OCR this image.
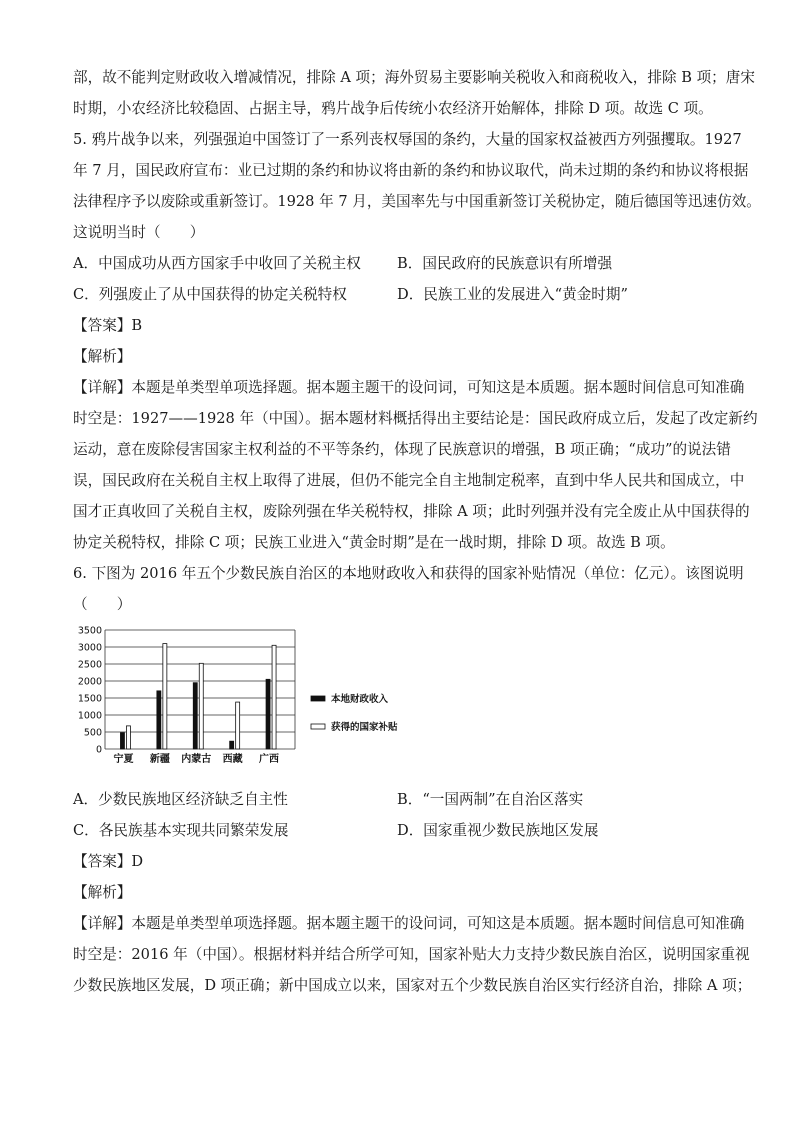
部，故不能判定财政收入增减情况，排除 A 项；海外贸易主要影响关税收入和商税收入，排除 B 项；唐宋

时期，小农经济比较稳固、占据主导，鸦片战争后传统小农经济开始解体，排除 D 项。故选 C 项。

5. 鸦片战争以来，列强强迫中国签订了一系列丧权辱国的条约，大量的国家权益被西方列强攫取。1927

年 7 月，国民政府宣布：业已过期的条约和协议将由新的条约和协议取代，尚未过期的条约和协议将根据

法律程序予以废除或重新签订。1928 年 7 月，美国率先与中国重新签订关税协定，随后德国等迅速仿效。

这说明当时（　　）

A．中国成功从西方国家手中收回了关税主权	B．国民政府的民族意识有所增强
C．列强废止了从中国获得的协定关税特权	D．民族工业的发展进入“黄金时期”

【答案】B

【解析】

【详解】本题是单类型单项选择题。据本题主题干的设问词，可知这是本质题。据本题时间信息可知准确

时空是：1927——1928 年（中国）。据本题材料概括得出主要结论是：国民政府成立后，发起了改定新约

运动，意在废除侵害国家主权利益的不平等条约，体现了民族意识的增强，B 项正确；“成功”的说法错

误，国民政府在关税自主权上取得了进展，但仍不能完全自主地制定税率，直到中华人民共和国成立，中

国才正真收回了关税自主权，废除列强在华关税特权，排除 A 项；此时列强并没有完全废止从中国获得的

协定关税特权，排除 C 项；民族工业进入“黄金时期”是在一战时期，排除 D 项。故选 B 项。

6. 下图为 2016 年五个少数民族自治区的本地财政收入和获得的国家补贴情况（单位：亿元）。该图说明

（　　）

0
500
1000
1500
2000
2500
3000
3500
宁夏 新疆 内蒙古 西藏 广西
本地财政收入
获得的国家补贴
A．少数民族地区经济缺乏自主性	B．“一国两制”在自治区落实
C．各民族基本实现共同繁荣发展	D．国家重视少数民族地区发展

【答案】D

【解析】

【详解】本题是单类型单项选择题。据本题主题干的设问词，可知这是本质题。据本题时间信息可知准确

时空是：2016 年（中国）。根据材料并结合所学可知，国家补贴大力支持少数民族自治区，说明国家重视

少数民族地区发展，D 项正确；新中国成立以来，国家对五个少数民族自治区实行经济自治，排除 A 项；
